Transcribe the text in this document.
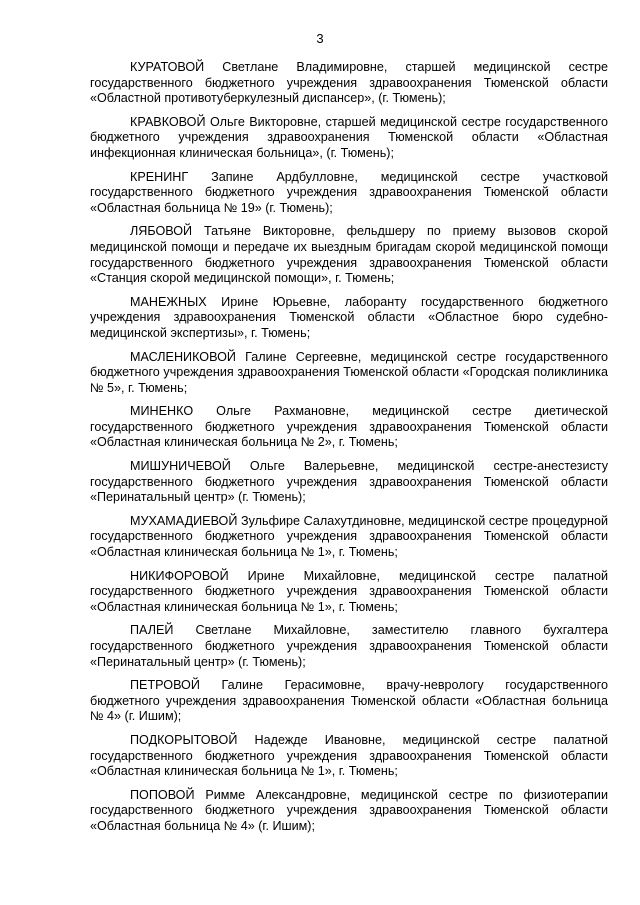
3

КУРАТОВОЙ Светлане Владимировне, старшей медицинской сестре государственного бюджетного учреждения здравоохранения Тюменской области «Областной противотуберкулезный диспансер», (г. Тюмень);

КРАВКОВОЙ Ольге Викторовне, старшей медицинской сестре государственного бюджетного учреждения здравоохранения Тюменской области «Областная инфекционная клиническая больница», (г. Тюмень);

КРЕНИНГ Запине Ардбулловне, медицинской сестре участковой государственного бюджетного учреждения здравоохранения Тюменской области «Областная больница № 19» (г. Тюмень);

ЛЯБОВОЙ Татьяне Викторовне, фельдшеру по приему вызовов скорой медицинской помощи и передаче их выездным бригадам скорой медицинской помощи государственного бюджетного учреждения здравоохранения Тюменской области «Станция скорой медицинской помощи», г. Тюмень;

МАНЕЖНЫХ Ирине Юрьевне, лаборанту государственного бюджетного учреждения здравоохранения Тюменской области «Областное бюро судебно-медицинской экспертизы», г. Тюмень;

МАСЛЕНИКОВОЙ Галине Сергеевне, медицинской сестре государственного бюджетного учреждения здравоохранения Тюменской области «Городская поликлиника № 5», г. Тюмень;

МИНЕНКО Ольге Рахмановне, медицинской сестре диетической государственного бюджетного учреждения здравоохранения Тюменской области «Областная клиническая больница № 2», г. Тюмень;

МИШУНИЧЕВОЙ Ольге Валерьевне, медицинской сестре-анестезисту государственного бюджетного учреждения здравоохранения Тюменской области «Перинатальный центр» (г. Тюмень);

МУХАМАДИЕВОЙ Зульфире Салахутдиновне, медицинской сестре процедурной государственного бюджетного учреждения здравоохранения Тюменской области «Областная клиническая больница № 1», г. Тюмень;

НИКИФОРОВОЙ Ирине Михайловне, медицинской сестре палатной государственного бюджетного учреждения здравоохранения Тюменской области «Областная клиническая больница № 1», г. Тюмень;

ПАЛЕЙ Светлане Михайловне, заместителю главного бухгалтера государственного бюджетного учреждения здравоохранения Тюменской области «Перинатальный центр» (г. Тюмень);

ПЕТРОВОЙ Галине Герасимовне, врачу-неврологу государственного бюджетного учреждения здравоохранения Тюменской области «Областная больница № 4» (г. Ишим);

ПОДКОРЫТОВОЙ Надежде Ивановне, медицинской сестре палатной государственного бюджетного учреждения здравоохранения Тюменской области «Областная клиническая больница № 1», г. Тюмень;

ПОПОВОЙ Римме Александровне, медицинской сестре по физиотерапии государственного бюджетного учреждения здравоохранения Тюменской области «Областная больница № 4» (г. Ишим);
